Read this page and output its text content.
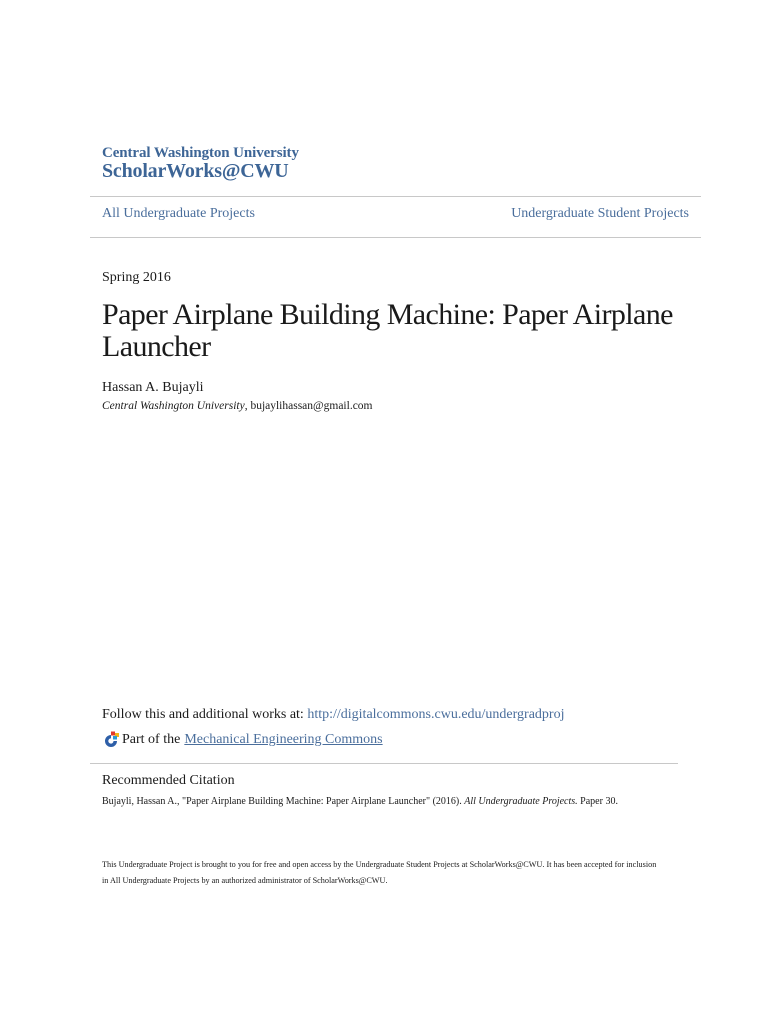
Central Washington University
ScholarWorks@CWU
All Undergraduate Projects	Undergraduate Student Projects
Spring 2016
Paper Airplane Building Machine: Paper Airplane Launcher
Hassan A. Bujayli
Central Washington University, bujaylihassan@gmail.com
Follow this and additional works at: http://digitalcommons.cwu.edu/undergradproj
Part of the Mechanical Engineering Commons
Recommended Citation
Bujayli, Hassan A., "Paper Airplane Building Machine: Paper Airplane Launcher" (2016). All Undergraduate Projects. Paper 30.
This Undergraduate Project is brought to you for free and open access by the Undergraduate Student Projects at ScholarWorks@CWU. It has been accepted for inclusion in All Undergraduate Projects by an authorized administrator of ScholarWorks@CWU.
